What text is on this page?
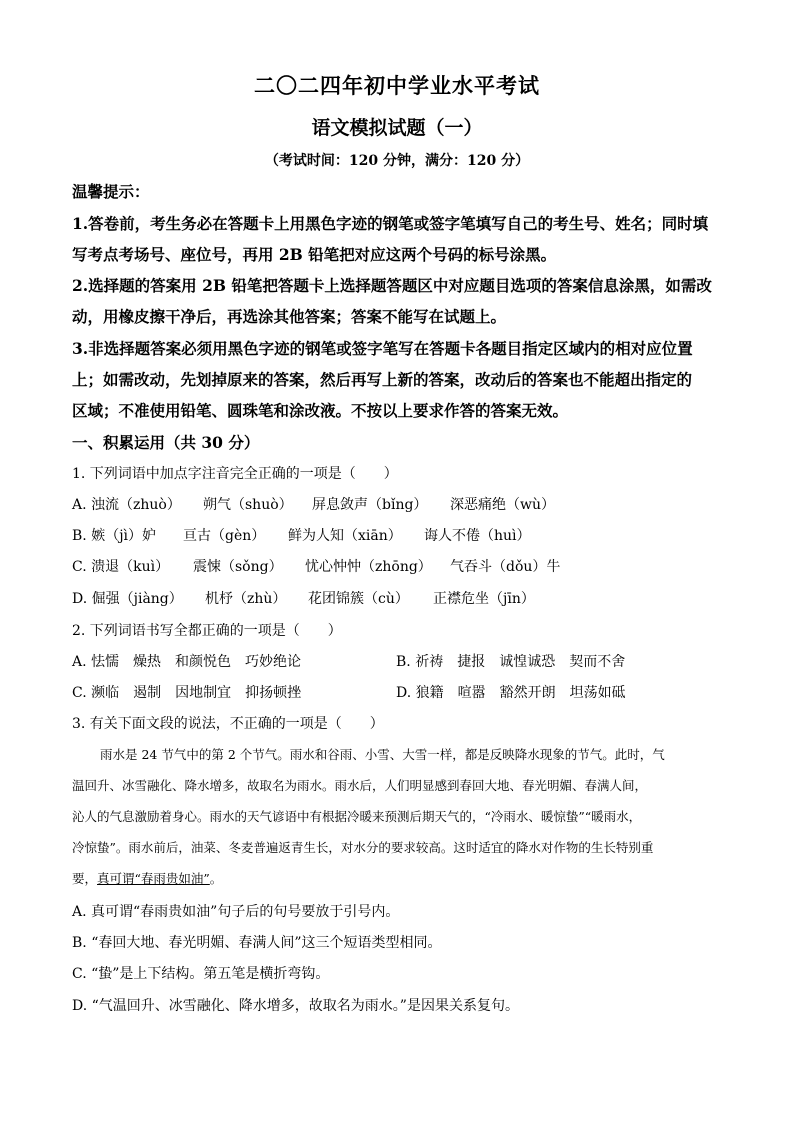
二〇二四年初中学业水平考试
语文模拟试题（一）
（考试时间：120 分钟，满分：120 分）
温馨提示：
1.答卷前，考生务必在答题卡上用黑色字迹的钢笔或签字笔填写自己的考生号、姓名；同时填
写考点考场号、座位号，再用 2B 铅笔把对应这两个号码的标号涂黑。
2.选择题的答案用 2B 铅笔把答题卡上选择题答题区中对应题目选项的答案信息涂黑，如需改
动，用橡皮擦干净后，再选涂其他答案；答案不能写在试题上。
3.非选择题答案必须用黑色字迹的钢笔或签字笔写在答题卡各题目指定区域内的相对应位置
上；如需改动，先划掉原来的答案，然后再写上新的答案，改动后的答案也不能超出指定的
区域；不准使用铅笔、圆珠笔和涂改液。不按以上要求作答的答案无效。
一、积累运用（共 30 分）
1. 下列词语中加点字注音完全正确的一项是（　　）
A. 浊流（zhuò） 朔气（shuò） 屏息敛声（bǐng） 深恶痛绝（wù）
B. 嫉（jì）妒 亘古（gèn） 鲜为人知（xiān） 诲人不倦（huì）
C. 溃退（kuì） 震悚（sǒng） 忧心忡忡（zhōng） 气吞斗（dǒu）牛
D. 倔强（jiàng） 机杼（zhù） 花团锦簇（cù） 正襟危坐（jīn）
2. 下列词语书写全都正确的一项是（　　）
A. 怯懦　燥热　和颜悦色　巧妙绝论	B. 祈祷　捷报　诚惶诚恐　契而不舍
C. 濒临　遏制　因地制宜　抑扬顿挫	D. 狼籍　喧嚣　豁然开朗　坦荡如砥
3. 有关下面文段的说法，不正确的一项是（　　）
雨水是 24 节气中的第 2 个节气。雨水和谷雨、小雪、大雪一样，都是反映降水现象的节气。此时，气
温回升、冰雪融化、降水增多，故取名为雨水。雨水后，人们明显感到春回大地、春光明媚、春满人间，
沁人的气息激励着身心。雨水的天气谚语中有根据冷暖来预测后期天气的，“冷雨水、暖惊蛰”“暖雨水，
冷惊蛰”。雨水前后，油菜、冬麦普遍返青生长，对水分的要求较高。这时适宜的降水对作物的生长特别重
要，真可谓“春雨贵如油”。
A. 真可谓“春雨贵如油”句子后的句号要放于引号内。
B. “春回大地、春光明媚、春满人间”这三个短语类型相同。
C. “蛰”是上下结构。第五笔是横折弯钩。
D. “气温回升、冰雪融化、降水增多，故取名为雨水。”是因果关系复句。
